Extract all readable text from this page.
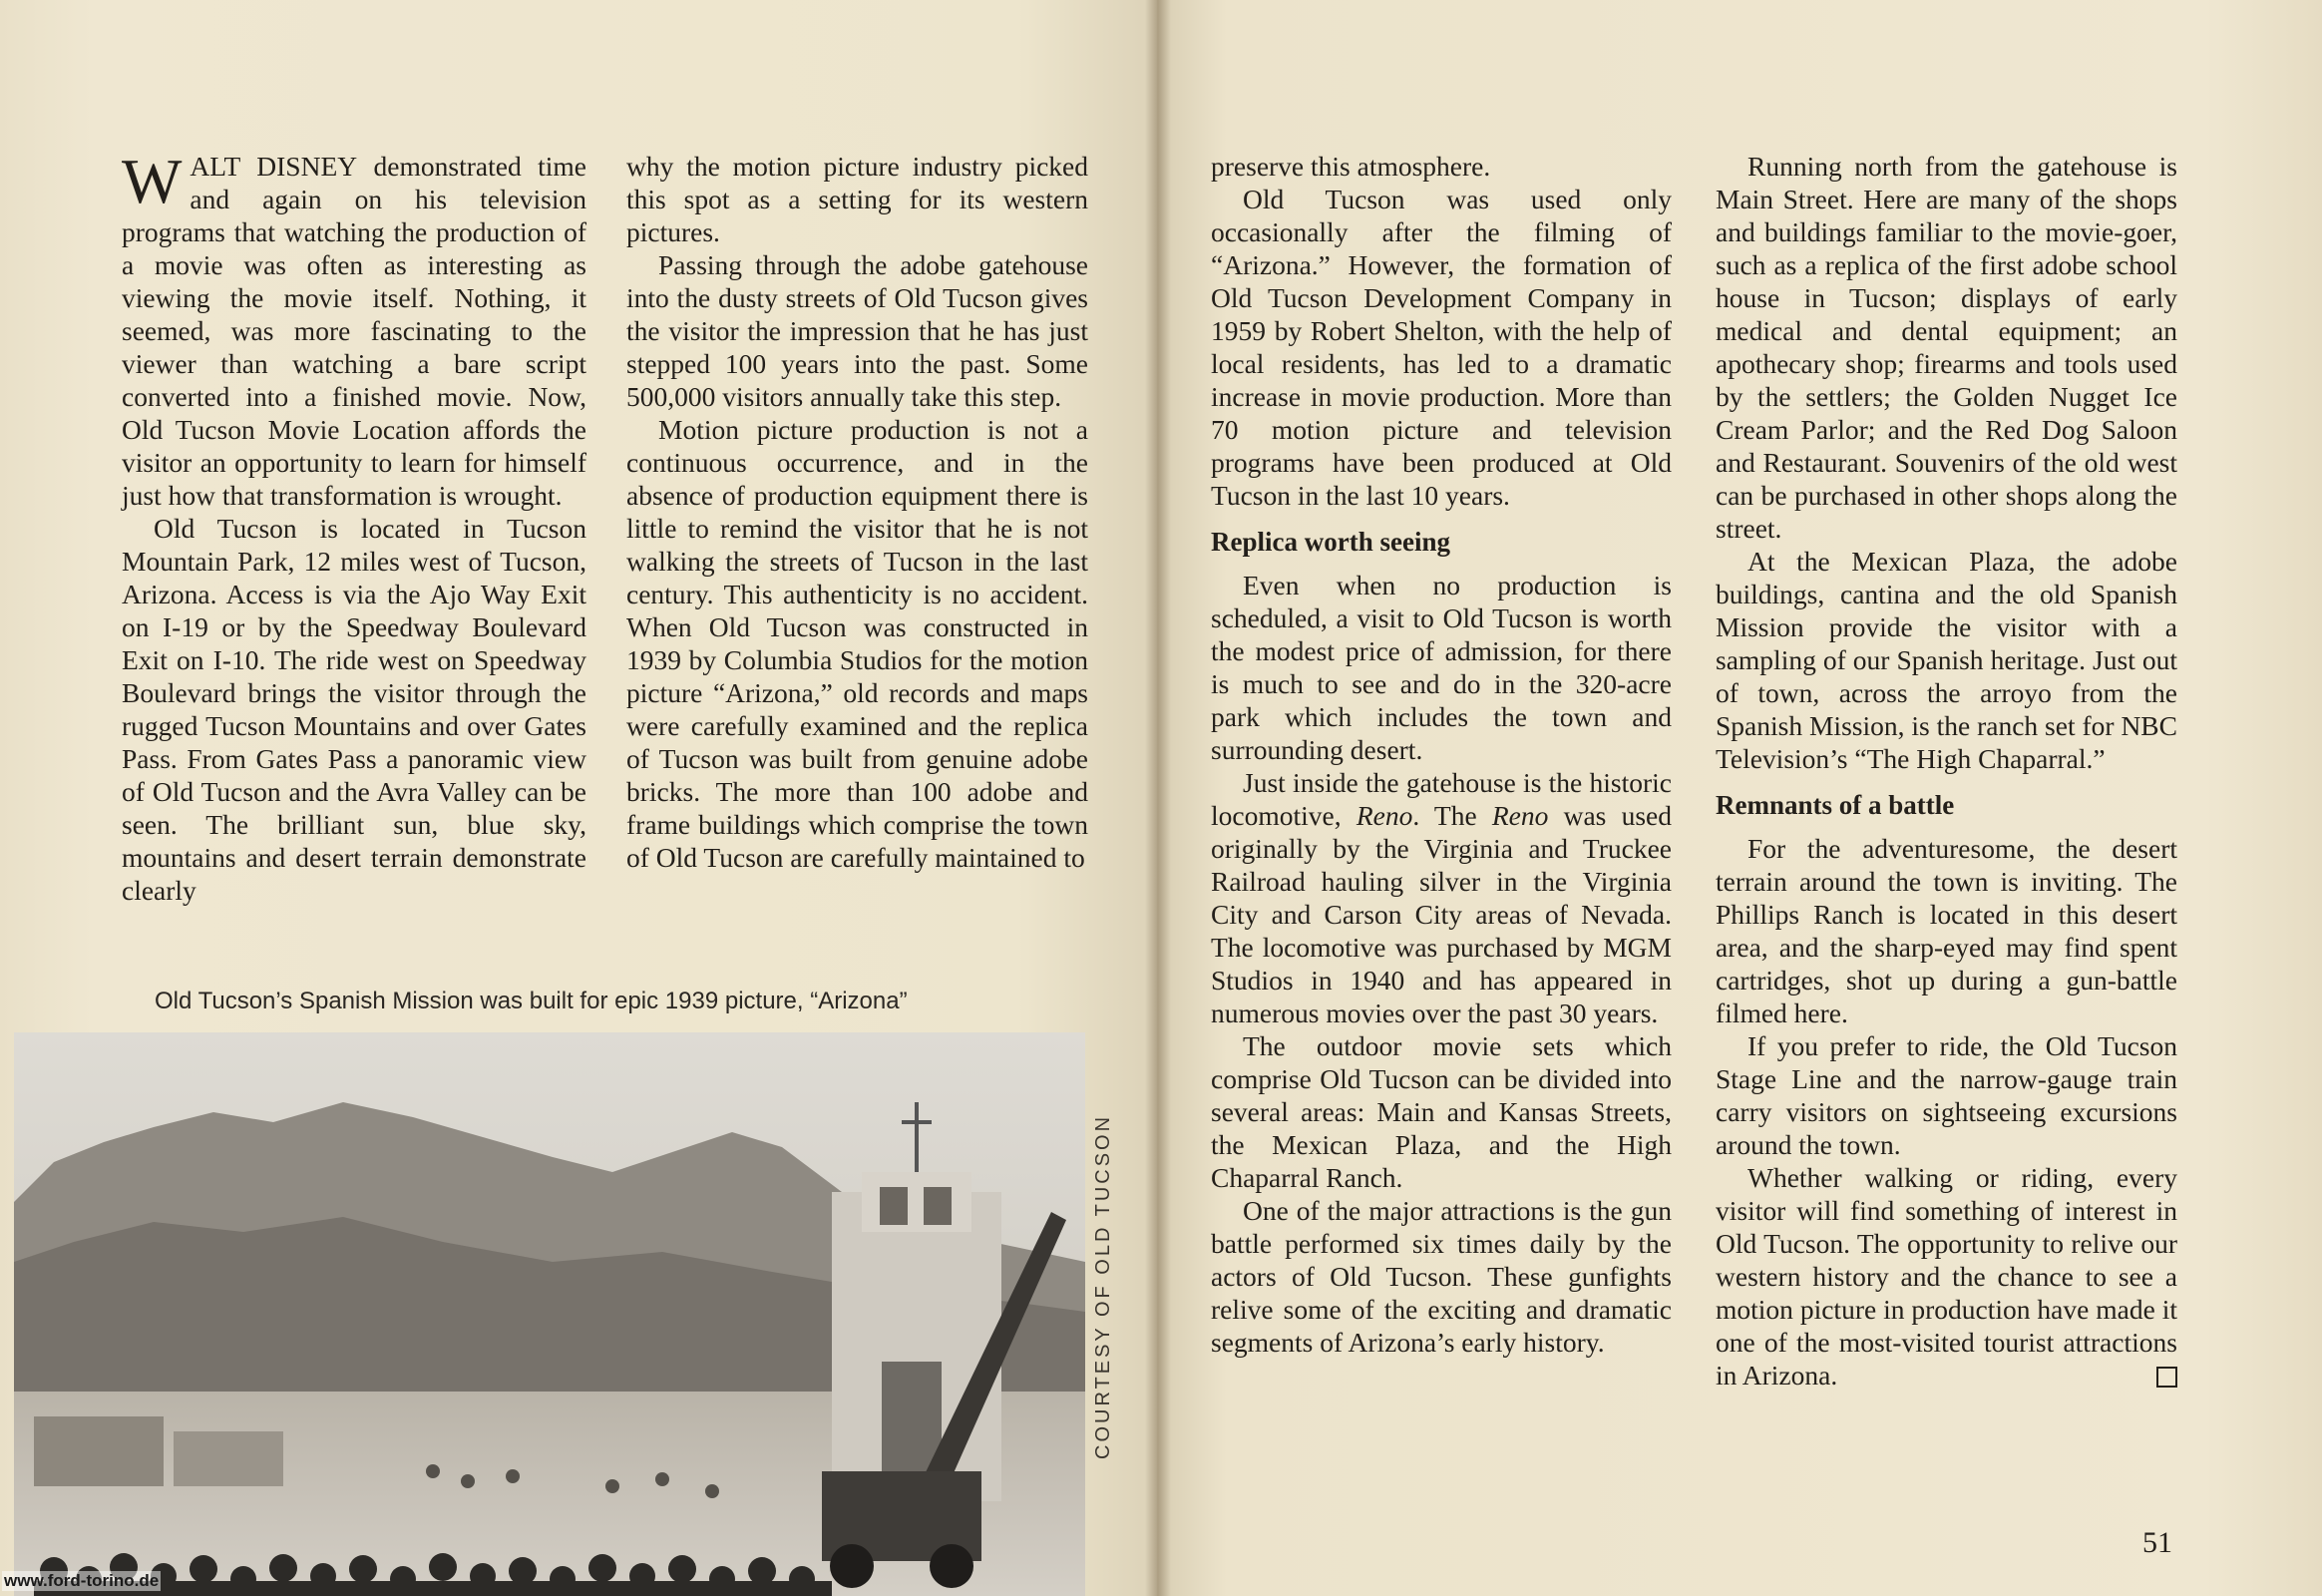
WALT DISNEY demonstrated time and again on his television programs that watching the production of a movie was often as interesting as viewing the movie itself. Nothing, it seemed, was more fascinating to the viewer than watching a bare script converted into a finished movie. Now, Old Tucson Movie Location affords the visitor an opportunity to learn for himself just how that transformation is wrought.

Old Tucson is located in Tucson Mountain Park, 12 miles west of Tucson, Arizona. Access is via the Ajo Way Exit on I-19 or by the Speedway Boulevard Exit on I-10. The ride west on Speedway Boulevard brings the visitor through the rugged Tucson Mountains and over Gates Pass. From Gates Pass a panoramic view of Old Tucson and the Avra Valley can be seen. The brilliant sun, blue sky, mountains and desert terrain demonstrate clearly

why the motion picture industry picked this spot as a setting for its western pictures.

Passing through the adobe gatehouse into the dusty streets of Old Tucson gives the visitor the impression that he has just stepped 100 years into the past. Some 500,000 visitors annually take this step.

Motion picture production is not a continuous occurrence, and in the absence of production equipment there is little to remind the visitor that he is not walking the streets of Tucson in the last century. This authenticity is no accident. When Old Tucson was constructed in 1939 by Columbia Studios for the motion picture “Arizona,” old records and maps were carefully examined and the replica of Tucson was built from genuine adobe bricks. The more than 100 adobe and frame buildings which comprise the town of Old Tucson are carefully maintained to

Old Tucson’s Spanish Mission was built for epic 1939 picture, “Arizona”
COURTESY OF OLD TUCSON
www.ford-torino.de

preserve this atmosphere.

Old Tucson was used only occasionally after the filming of “Arizona.” However, the formation of Old Tucson Development Company in 1959 by Robert Shelton, with the help of local residents, has led to a dramatic increase in movie production. More than 70 motion picture and television programs have been produced at Old Tucson in the last 10 years.

Replica worth seeing

Even when no production is scheduled, a visit to Old Tucson is worth the modest price of admission, for there is much to see and do in the 320-acre park which includes the town and surrounding desert.

Just inside the gatehouse is the historic locomotive, Reno. The Reno was used originally by the Virginia and Truckee Railroad hauling silver in the Virginia City and Carson City areas of Nevada. The locomotive was purchased by MGM Studios in 1940 and has appeared in numerous movies over the past 30 years.

The outdoor movie sets which comprise Old Tucson can be divided into several areas: Main and Kansas Streets, the Mexican Plaza, and the High Chaparral Ranch.

One of the major attractions is the gun battle performed six times daily by the actors of Old Tucson. These gunfights relive some of the exciting and dramatic segments of Arizona’s early history.

Running north from the gatehouse is Main Street. Here are many of the shops and buildings familiar to the movie-goer, such as a replica of the first adobe school house in Tucson; displays of early medical and dental equipment; an apothecary shop; firearms and tools used by the settlers; the Golden Nugget Ice Cream Parlor; and the Red Dog Saloon and Restaurant. Souvenirs of the old west can be purchased in other shops along the street.

At the Mexican Plaza, the adobe buildings, cantina and the old Spanish Mission provide the visitor with a sampling of our Spanish heritage. Just out of town, across the arroyo from the Spanish Mission, is the ranch set for NBC Television’s “The High Chaparral.”

Remnants of a battle

For the adventuresome, the desert terrain around the town is inviting. The Phillips Ranch is located in this desert area, and the sharp-eyed may find spent cartridges, shot up during a gun-battle filmed here.

If you prefer to ride, the Old Tucson Stage Line and the narrow-gauge train carry visitors on sightseeing excursions around the town.

Whether walking or riding, every visitor will find something of interest in Old Tucson. The opportunity to relive our western history and the chance to see a motion picture in production have made it one of the most-visited tourist attractions in Arizona.

51
